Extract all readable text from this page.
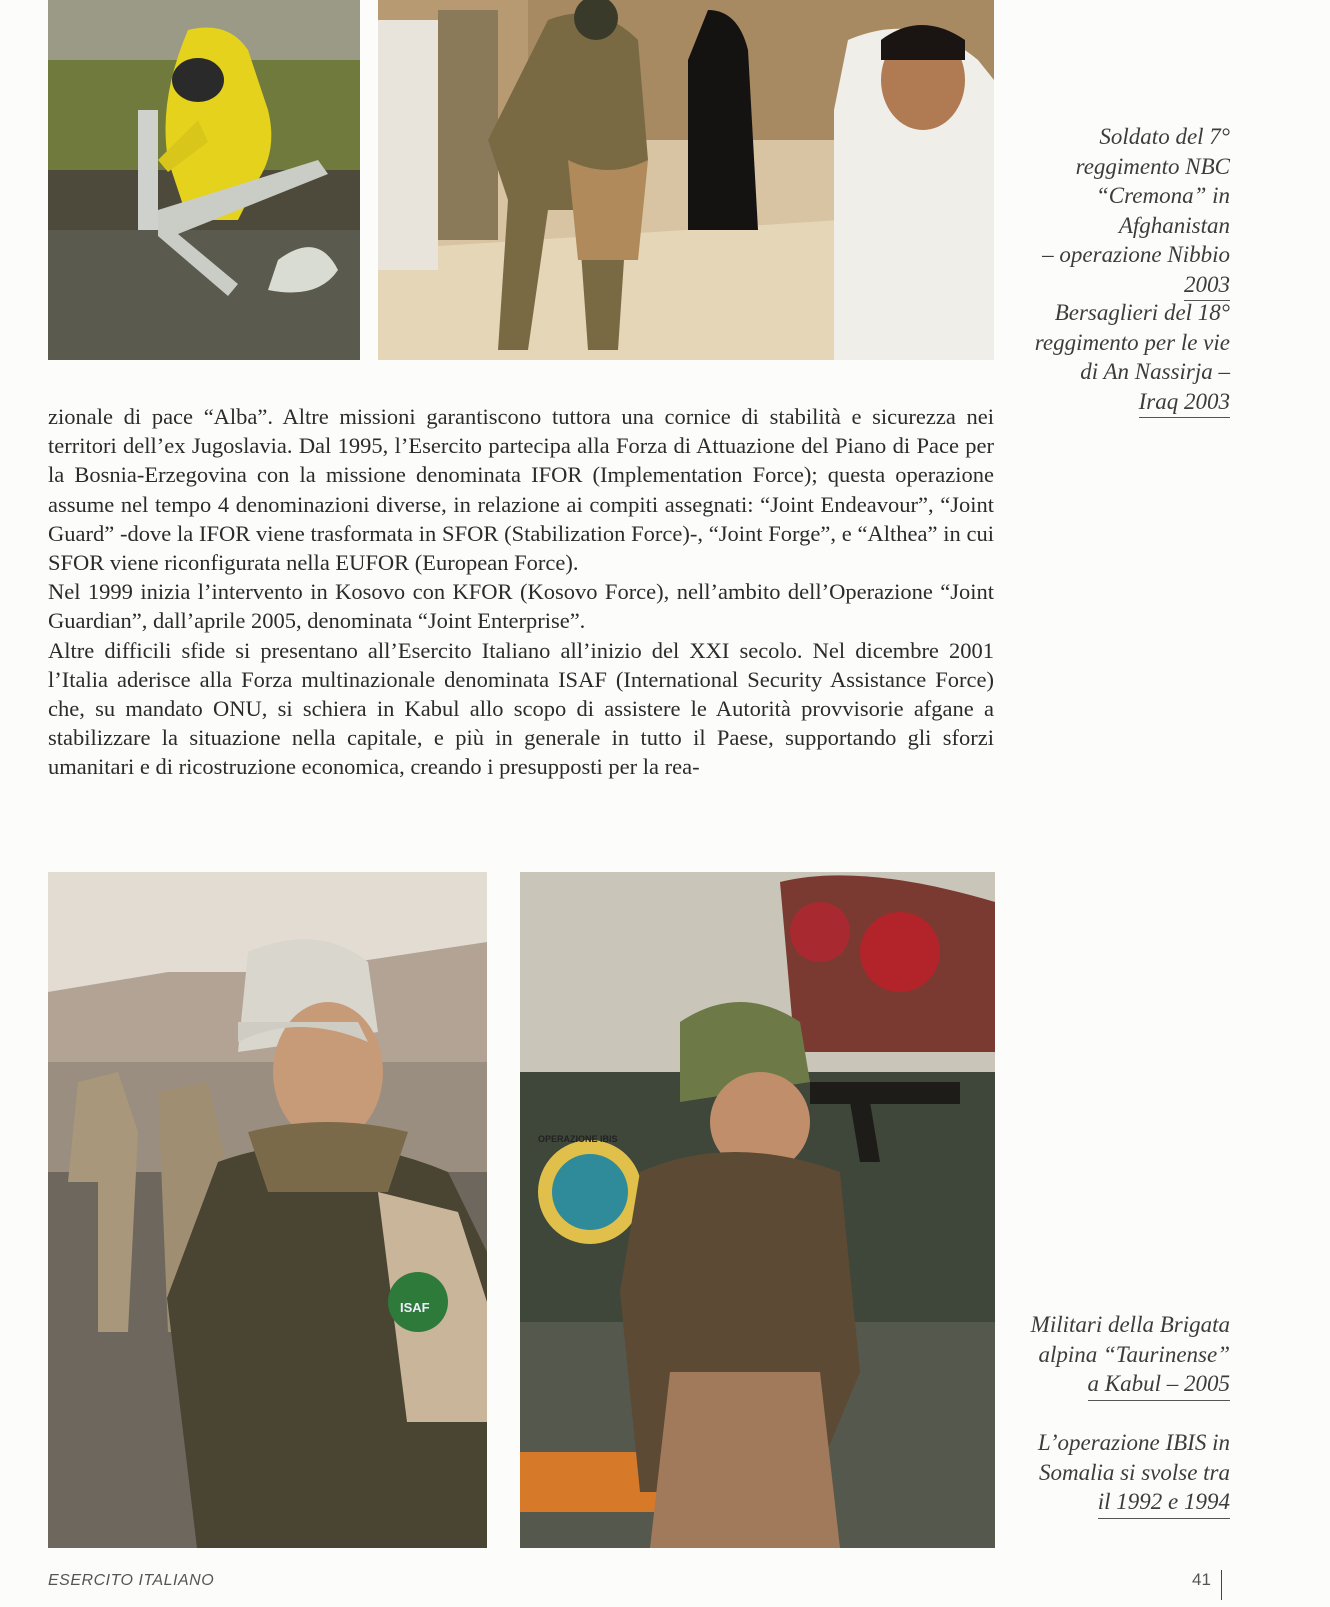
Soldato del 7°
reggimento NBC
“Cremona” in
Afghanistan
– operazione Nibbio
2003
Bersaglieri del 18°
reggimento per le vie
di An Nassirja –
Iraq 2003

zionale di pace “Alba”. Altre missioni garantiscono tuttora una cornice di stabilità e sicurezza nei territori dell’ex Jugoslavia. Dal 1995, l’Esercito partecipa alla Forza di Attuazione del Piano di Pace per la Bosnia-Erzegovina con la missione denominata IFOR (Implementation Force); questa operazione assume nel tempo 4 denominazioni diverse, in relazione ai compiti assegnati: “Joint Endeavour”, “Joint Guard” -dove la IFOR viene trasformata in SFOR (Stabilization Force)-, “Joint Forge”, e “Althea” in cui SFOR viene riconfigurata nella EUFOR (European Force).

Nel 1999 inizia l’intervento in Kosovo con KFOR (Kosovo Force), nell’ambito dell’Operazione “Joint Guardian”, dall’aprile 2005, denominata “Joint Enterprise”.

Altre difficili sfide si presentano all’Esercito Italiano all’inizio del XXI secolo. Nel dicembre 2001 l’Italia aderisce alla Forza multinazionale denominata ISAF (International Security Assistance Force) che, su mandato ONU, si schiera in Kabul allo scopo di assistere le Autorità provvisorie afgane a stabilizzare la situazione nella capitale, e più in generale in tutto il Paese, supportando gli sforzi umanitari e di ricostruzione economica, creando i presupposti per la rea-

ISAF
OPERAZIONE IBIS
Militari della Brigata
alpina “Taurinense”
a Kabul – 2005
L’operazione IBIS in
Somalia si svolse tra
il 1992 e 1994
ESERCITO ITALIANO	41
